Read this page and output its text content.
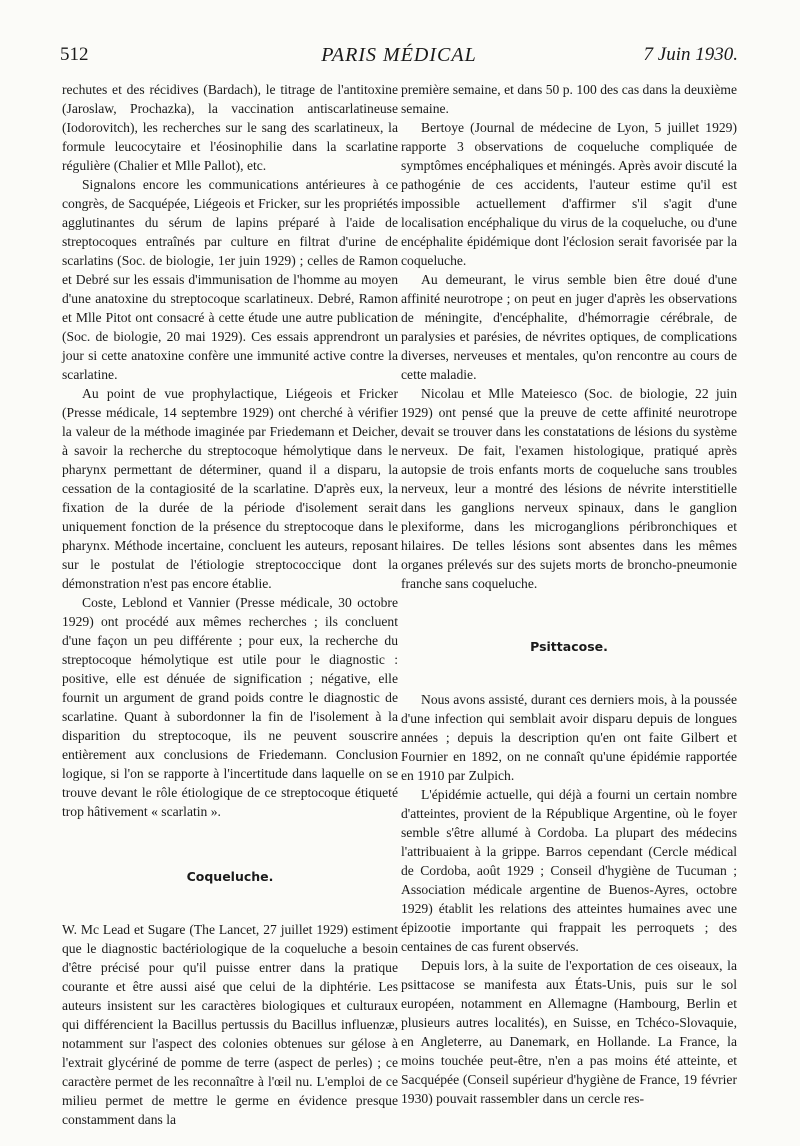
512	PARIS MÉDICAL	7 Juin 1930.

rechutes et des récidives (Bardach), le titrage de l'antitoxine (Jaroslaw, Prochazka), la vaccination antiscarlatineuse (Iodorovitch), les recherches sur le sang des scarlatineux, la formule leucocytaire et l'éosinophilie dans la scarlatine régulière (Chalier et Mlle Pallot), etc.

Signalons encore les communications antérieures à ce congrès, de Sacquépée, Liégeois et Fricker, sur les propriétés agglutinantes du sérum de lapins préparé à l'aide de streptocoques entraînés par culture en filtrat d'urine de scarlatins (Soc. de biologie, 1er juin 1929) ; celles de Ramon et Debré sur les essais d'immunisation de l'homme au moyen d'une anatoxine du streptocoque scarlatineux. Debré, Ramon et Mlle Pitot ont consacré à cette étude une autre publication (Soc. de biologie, 20 mai 1929). Ces essais apprendront un jour si cette anatoxine confère une immunité active contre la scarlatine.

Au point de vue prophylactique, Liégeois et Fricker (Presse médicale, 14 septembre 1929) ont cherché à vérifier la valeur de la méthode imaginée par Friedemann et Deicher, à savoir la recherche du streptocoque hémolytique dans le pharynx permettant de déterminer, quand il a disparu, la cessation de la contagiosité de la scarlatine. D'après eux, la fixation de la durée de la période d'isolement serait uniquement fonction de la présence du streptocoque dans le pharynx. Méthode incertaine, concluent les auteurs, reposant sur le postulat de l'étiologie streptococcique dont la démonstration n'est pas encore établie.

Coste, Leblond et Vannier (Presse médicale, 30 octobre 1929) ont procédé aux mêmes recherches ; ils concluent d'une façon un peu différente ; pour eux, la recherche du streptocoque hémolytique est utile pour le diagnostic : positive, elle est dénuée de signification ; négative, elle fournit un argument de grand poids contre le diagnostic de scarlatine. Quant à subordonner la fin de l'isolement à la disparition du streptocoque, ils ne peuvent souscrire entièrement aux conclusions de Friedemann. Conclusion logique, si l'on se rapporte à l'incertitude dans laquelle on se trouve devant le rôle étiologique de ce streptocoque étiqueté trop hâtivement « scarlatin ».

Coqueluche.

W. Mc Lead et Sugare (The Lancet, 27 juillet 1929) estiment que le diagnostic bactériologique de la coqueluche a besoin d'être précisé pour qu'il puisse entrer dans la pratique courante et être aussi aisé que celui de la diphtérie. Les auteurs insistent sur les caractères biologiques et culturaux qui différencient la Bacillus pertussis du Bacillus influenzæ, notamment sur l'aspect des colonies obtenues sur gélose à l'extrait glycériné de pomme de terre (aspect de perles) ; ce caractère permet de les reconnaître à l'œil nu. L'emploi de ce milieu permet de mettre le germe en évidence presque constamment dans la

première semaine, et dans 50 p. 100 des cas dans la deuxième semaine.

Bertoye (Journal de médecine de Lyon, 5 juillet 1929) rapporte 3 observations de coqueluche compliquée de symptômes encéphaliques et méningés. Après avoir discuté la pathogénie de ces accidents, l'auteur estime qu'il est impossible actuellement d'affirmer s'il s'agit d'une localisation encéphalique du virus de la coqueluche, ou d'une encéphalite épidémique dont l'éclosion serait favorisée par la coqueluche.

Au demeurant, le virus semble bien être doué d'une affinité neurotrope ; on peut en juger d'après les observations de méningite, d'encéphalite, d'hémorragie cérébrale, de paralysies et parésies, de névrites optiques, de complications diverses, nerveuses et mentales, qu'on rencontre au cours de cette maladie.

Nicolau et Mlle Mateiesco (Soc. de biologie, 22 juin 1929) ont pensé que la preuve de cette affinité neurotrope devait se trouver dans les constatations de lésions du système nerveux. De fait, l'examen histologique, pratiqué après autopsie de trois enfants morts de coqueluche sans troubles nerveux, leur a montré des lésions de névrite interstitielle dans les ganglions nerveux spinaux, dans le ganglion plexiforme, dans les microganglions péribronchiques et hilaires. De telles lésions sont absentes dans les mêmes organes prélevés sur des sujets morts de broncho-pneumonie franche sans coqueluche.

Psittacose.

Nous avons assisté, durant ces derniers mois, à la poussée d'une infection qui semblait avoir disparu depuis de longues années ; depuis la description qu'en ont faite Gilbert et Fournier en 1892, on ne connaît qu'une épidémie rapportée en 1910 par Zulpich.

L'épidémie actuelle, qui déjà a fourni un certain nombre d'atteintes, provient de la République Argentine, où le foyer semble s'être allumé à Cordoba. La plupart des médecins l'attribuaient à la grippe. Barros cependant (Cercle médical de Cordoba, août 1929 ; Conseil d'hygiène de Tucuman ; Association médicale argentine de Buenos-Ayres, octobre 1929) établit les relations des atteintes humaines avec une épizootie importante qui frappait les perroquets ; des centaines de cas furent observés.

Depuis lors, à la suite de l'exportation de ces oiseaux, la psittacose se manifesta aux États-Unis, puis sur le sol européen, notamment en Allemagne (Hambourg, Berlin et plusieurs autres localités), en Suisse, en Tchéco-Slovaquie, en Angleterre, au Danemark, en Hollande. La France, la moins touchée peut-être, n'en a pas moins été atteinte, et Sacquépée (Conseil supérieur d'hygiène de France, 19 février 1930) pouvait rassembler dans un cercle res-
